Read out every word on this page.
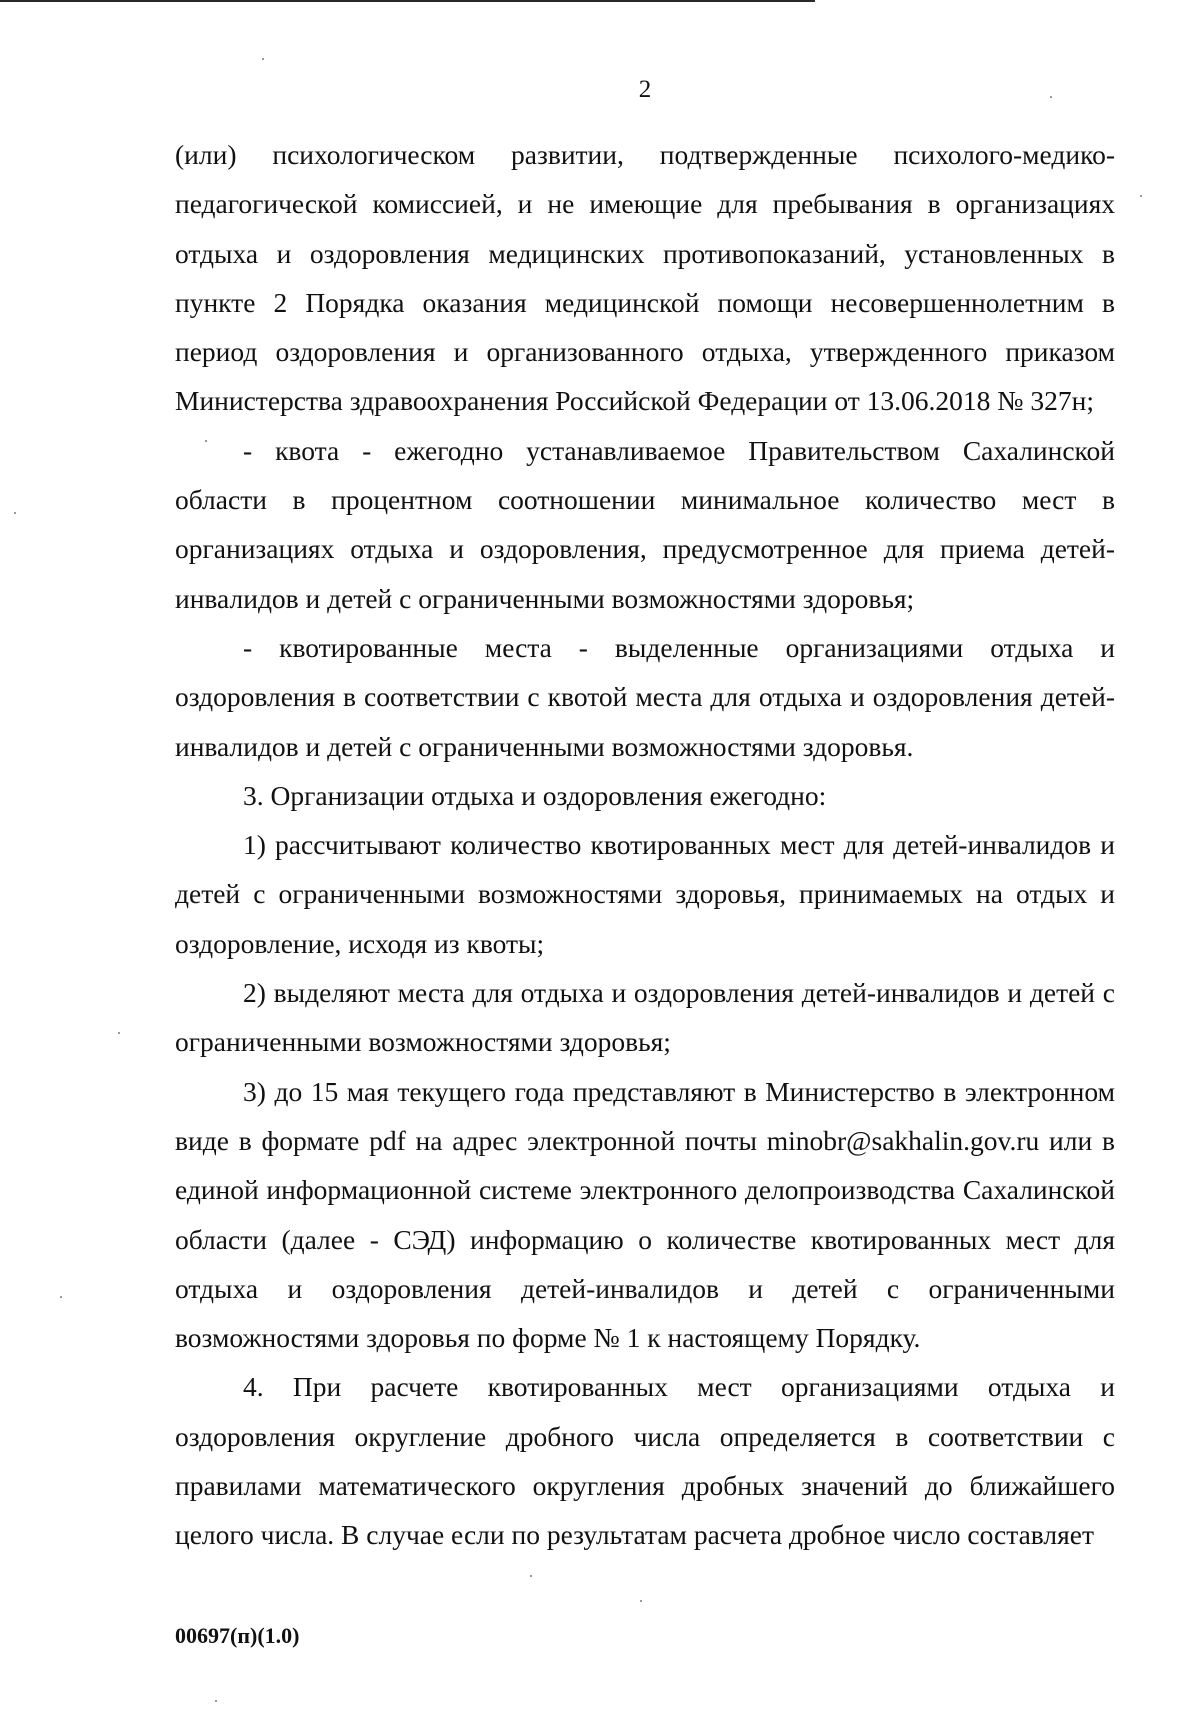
2

(или) психологическом развитии, подтвержденные психолого-медико-педагогической комиссией, и не имеющие для пребывания в организациях отдыха и оздоровления медицинских противопоказаний, установленных в пункте 2 Порядка оказания медицинской помощи несовершеннолетним в период оздоровления и организованного отдыха, утвержденного приказом Министерства здравоохранения Российской Федерации от 13.06.2018 № 327н;

- квота - ежегодно устанавливаемое Правительством Сахалинской области в процентном соотношении минимальное количество мест в организациях отдыха и оздоровления, предусмотренное для приема детей-инвалидов и детей с ограниченными возможностями здоровья;

- квотированные места - выделенные организациями отдыха и оздоровления в соответствии с квотой места для отдыха и оздоровления детей-инвалидов и детей с ограниченными возможностями здоровья.

3. Организации отдыха и оздоровления ежегодно:

1) рассчитывают количество квотированных мест для детей-инвалидов и детей с ограниченными возможностями здоровья, принимаемых на отдых и оздоровление, исходя из квоты;

2) выделяют места для отдыха и оздоровления детей-инвалидов и детей с ограниченными возможностями здоровья;

3) до 15 мая текущего года представляют в Министерство в электронном виде в формате pdf на адрес электронной почты minobr@sakhalin.gov.ru или в единой информационной системе электронного делопроизводства Сахалинской области (далее - СЭД) информацию о количестве квотированных мест для отдыха и оздоровления детей-инвалидов и детей с ограниченными возможностями здоровья по форме № 1 к настоящему Порядку.

4. При расчете квотированных мест организациями отдыха и оздоровления округление дробного числа определяется в соответствии с правилами математического округления дробных значений до ближайшего целого числа. В случае если по результатам расчета дробное число составляет

00697(п)(1.0)
